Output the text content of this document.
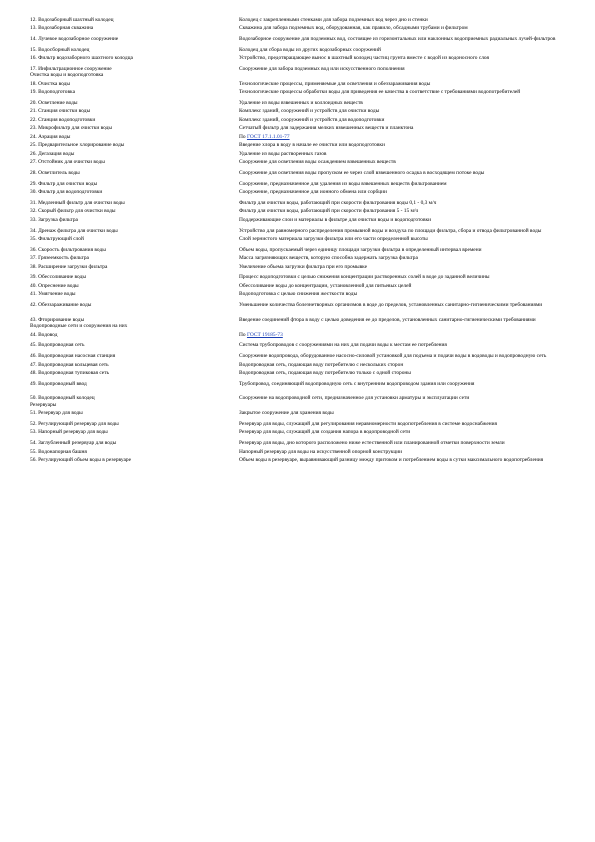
12. Водозаборный шахтный колодец	Колодец с закрепленными стенками для забора подземных вод через дно и стенки
13. Водозаборная скважина	Скважина для забора подземных вод, оборудованная, как правило, обсадными трубами и фильтром
14. Лучевое водозаборное сооружение	Водозаборное сооружение для подземных вод, состоящее из горизонтальных или наклонных водоприемных радиальных лучей-фильтров
15. Водосборный колодец	Колодец для сбора воды из других водозаборных сооружений
16. Фильтр водозаборного шахтного колодца	Устройство, предотвращающее вынос в шахтный колодец частиц грунта вместе с водой из водоносного слоя
17. Инфильтрационное сооружение	Сооружение для забора подземных вод или искусственного пополнения
Очистка воды и водоподготовка
18. Очистка воды	Технологические процессы, применяемые для осветления и обеззараживания воды
19. Водоподготовка	Технологические процессы обработки воды для приведения ее качества в соответствие с требованиями водопотребителей
20. Осветление воды	Удаление из воды взвешенных и коллоидных веществ
21. Станция очистки воды	Комплекс зданий, сооружений и устройств для очистки воды
22. Станция водоподготовки	Комплекс зданий, сооружений и устройств для водоподготовки
23. Микрофильтр для очистки воды	Сетчатый фильтр для задержания мелких взвешенных веществ и планктона
24. Аэрация воды	По ГОСТ 17.1.1.01-77
25. Предварительное хлорирование воды	Введение хлора в воду в начале ее очистки или водоподготовки
26. Дегазация воды	Удаление из воды растворенных газов
27. Отстойник для очистки воды	Сооружение для осветления воды осаждением взвешенных веществ
28. Осветлитель воды	Сооружение для осветления воды пропуском ее через слой взвешенного осадка в восходящем потоке воды
29. Фильтр для очистки воды	Сооружение, предназначенное для удаления из воды взвешенных веществ фильтрованием
30. Фильтр для водоподготовки	Сооружение, предназначенное для ионного обмена или сорбции
31. Медленный фильтр для очистки воды	Фильтр для очистки воды, работающий при скорости фильтрования воды 0,1 - 0,3 м/ч
32. Скорый фильтр для очистки воды	Фильтр для очистки воды, работающий при скорости фильтрования 5 - 15 м/ч
33. Загрузка фильтра	Поддерживающие слои и материалы в фильтре для очистки воды и водоподготовки
34. Дренаж фильтра для очистки воды	Устройство для равномерного распределения промывной воды и воздуха по площади фильтра, сбора и отвода фильтрованной воды
35. Фильтрующий слой	Слой зернистого материала загрузки фильтра или его части определенной высоты
36. Скорость фильтрования воды	Объем воды, пропускаемый через единицу площади загрузки фильтра в определенный интервал времени
37. Грязеемкость фильтра	Масса загрязняющих веществ, которую способна задержать загрузка фильтра
38. Расширение загрузки фильтра	Увеличение объема загрузки фильтра при его промывке
39. Обессоливание воды	Процесс водоподготовки с целью снижения концентрации растворенных солей в воде до заданной величины
40. Опреснение воды	Обессоливание воды до концентрации, установленной для питьевых целей
41. Умягчение воды	Водоподготовка с целью снижения жесткости воды
42. Обеззараживание воды	Уменьшение количества болезнетворных организмов в воде до пределов, установленных санитарно-гигиеническими требованиями
43. Фторирование воды	Введение соединений фтора в воду с целью доведения ее до пределов, установленных санитарно-гигиеническими требованиями
Водопроводные сети и сооружения на них
44. Водовод	По ГОСТ 19185-73
45. Водопроводная сеть	Система трубопроводов с сооружениями на них для подачи воды к местам ее потребления
46. Водопроводная насосная станция	Сооружение водопровода, оборудованное насосно-силовой установкой для подъема и подачи воды в водоводы и водопроводную сеть
47. Водопроводная кольцевая сеть	Водопроводная сеть, подающая воду потребителю с нескольких сторон
48. Водопроводная тупиковая сеть	Водопроводная сеть, подающая воду потребителю только с одной стороны
49. Водопроводный ввод	Трубопровод, соединяющий водопроводную сеть с внутренним водопроводом здания или сооружения
50. Водопроводный колодец	Сооружение на водопроводной сети, предназначенное для установки арматуры и эксплуатации сети
Резервуары
51. Резервуар для воды	Закрытое сооружение для хранения воды
52. Регулирующий резервуар для воды	Резервуар для воды, служащий для регулирования неравномерности водопотребления в системе водоснабжения
53. Напорный резервуар для воды	Резервуар для воды, служащий для создания напора в водопроводной сети
54. Заглубленный резервуар для воды	Резервуар для воды, дно которого расположено ниже естественной или планированной отметки поверхности земли
55. Водонапорная башня	Напорный резервуар для воды на искусственной опорной конструкции
56. Регулирующий объем воды в резервуаре	Объем воды в резервуаре, выравнивающий разницу между притоком и потреблением воды в сутки максимального водопотребления
